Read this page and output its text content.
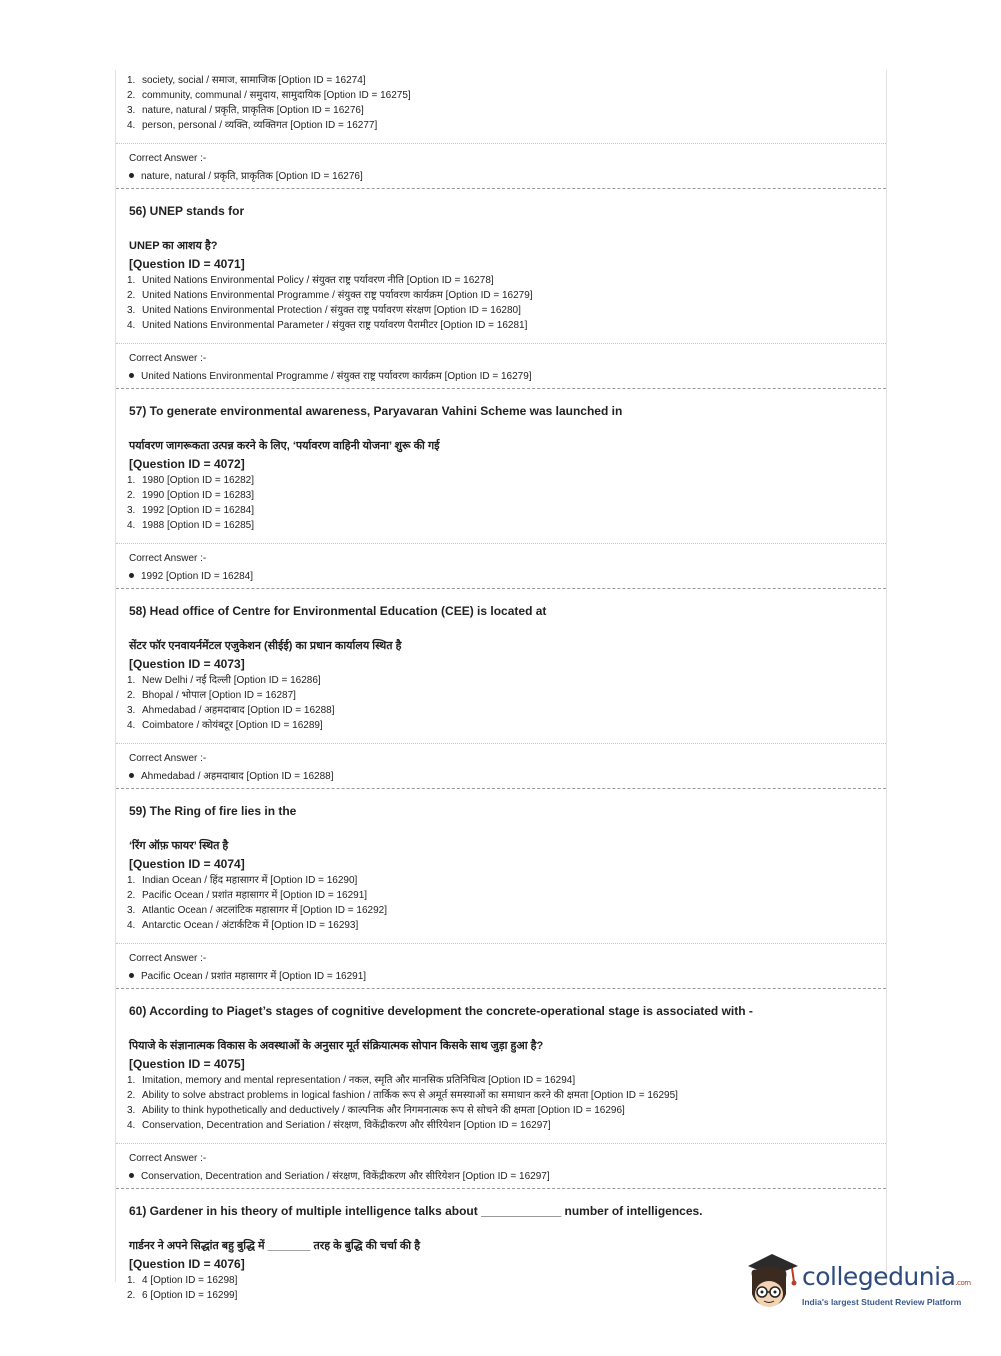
1. society, social / समाज, सामाजिक [Option ID = 16274]
2. community, communal / समुदाय, सामुदायिक [Option ID = 16275]
3. nature, natural / प्रकृति, प्राकृतिक [Option ID = 16276]
4. person, personal / व्यक्ति, व्यक्तिगत [Option ID = 16277]
Correct Answer :-
nature, natural / प्रकृति, प्राकृतिक [Option ID = 16276]
56) UNEP stands for
UNEP का आशय है?
[Question ID = 4071]
1. United Nations Environmental Policy / संयुक्त राष्ट्र पर्यावरण नीति [Option ID = 16278]
2. United Nations Environmental Programme / संयुक्त राष्ट्र पर्यावरण कार्यक्रम [Option ID = 16279]
3. United Nations Environmental Protection / संयुक्त राष्ट्र पर्यावरण संरक्षण [Option ID = 16280]
4. United Nations Environmental Parameter / संयुक्त राष्ट्र पर्यावरण पैरामीटर [Option ID = 16281]
Correct Answer :-
United Nations Environmental Programme / संयुक्त राष्ट्र पर्यावरण कार्यक्रम [Option ID = 16279]
57) To generate environmental awareness, Paryavaran Vahini Scheme was launched in
पर्यावरण जागरूकता उत्पन्न करने के लिए, ‘पर्यावरण वाहिनी योजना’ शुरू की गई
[Question ID = 4072]
1. 1980 [Option ID = 16282]
2. 1990 [Option ID = 16283]
3. 1992 [Option ID = 16284]
4. 1988 [Option ID = 16285]
Correct Answer :-
1992 [Option ID = 16284]
58) Head office of Centre for Environmental Education (CEE) is located at
सेंटर फॉर एनवायर्नमेंटल एजुकेशन (सीईई) का प्रधान कार्यालय स्थित है
[Question ID = 4073]
1. New Delhi / नई दिल्ली [Option ID = 16286]
2. Bhopal / भोपाल [Option ID = 16287]
3. Ahmedabad / अहमदाबाद [Option ID = 16288]
4. Coimbatore / कोयंबटूर [Option ID = 16289]
Correct Answer :-
Ahmedabad / अहमदाबाद [Option ID = 16288]
59) The Ring of fire lies in the
‘रिंग ऑफ़ फायर’ स्थित है
[Question ID = 4074]
1. Indian Ocean / हिंद महासागर में [Option ID = 16290]
2. Pacific Ocean / प्रशांत महासागर में [Option ID = 16291]
3. Atlantic Ocean / अटलांटिक महासागर में [Option ID = 16292]
4. Antarctic Ocean / अंटार्कटिक में [Option ID = 16293]
Correct Answer :-
Pacific Ocean / प्रशांत महासागर में [Option ID = 16291]
60) According to Piaget’s stages of cognitive development the concrete-operational stage is associated with -
पियाजे के संज्ञानात्मक विकास के अवस्थाओं के अनुसार मूर्त संक्रियात्मक सोपान किसके साथ जुड़ा हुआ है?
[Question ID = 4075]
1. Imitation, memory and mental representation / नकल, स्मृति और मानसिक प्रतिनिधित्व [Option ID = 16294]
2. Ability to solve abstract problems in logical fashion / तार्किक रूप से अमूर्त समस्याओं का समाधान करने की क्षमता [Option ID = 16295]
3. Ability to think hypothetically and deductively / काल्पनिक और निगमनात्मक रूप से सोचने की क्षमता [Option ID = 16296]
4. Conservation, Decentration and Seriation / संरक्षण, विकेंद्रीकरण और सीरियेशन [Option ID = 16297]
Correct Answer :-
Conservation, Decentration and Seriation / संरक्षण, विकेंद्रीकरण और सीरियेशन [Option ID = 16297]
61) Gardener in his theory of multiple intelligence talks about ____________ number of intelligences.
गार्डनर ने अपने सिद्धांत बहु बुद्धि में _______ तरह के बुद्धि की चर्चा की है
[Question ID = 4076]
1. 4 [Option ID = 16298]
2. 6 [Option ID = 16299]
collegedunia.com
India's largest Student Review Platform
